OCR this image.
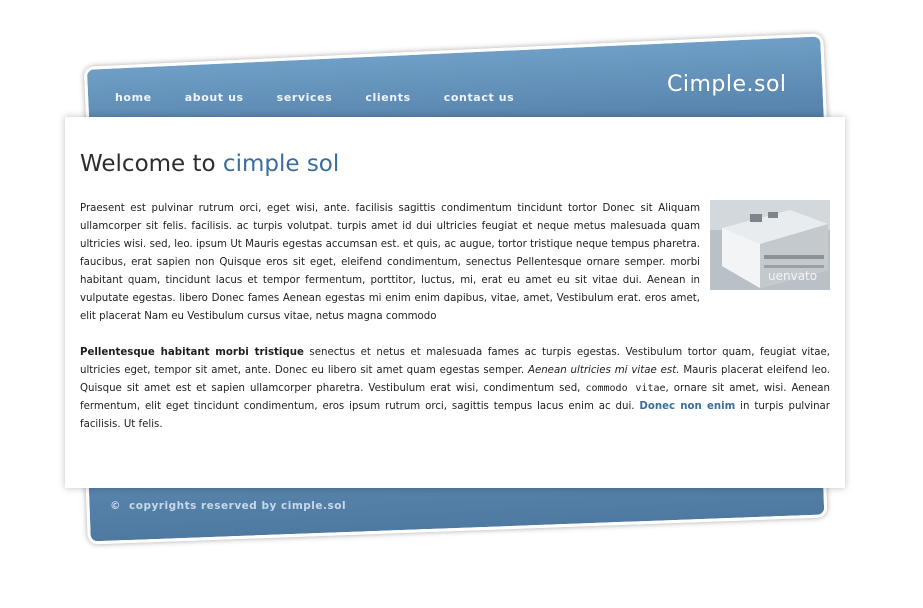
home	about us	services	clients	contact us
Cimple.sol
Welcome to cimple sol
uenvato

Praesent est pulvinar rutrum orci, eget wisi, ante. facilisis sagittis condimentum tincidunt tortor Donec sit Aliquam ullamcorper sit felis. facilisis. ac turpis volutpat. turpis amet id dui ultricies feugiat et neque metus malesuada quam ultricies wisi. sed, leo. ipsum Ut Mauris egestas accumsan est. et quis, ac augue, tortor tristique neque tempus pharetra. faucibus, erat sapien non Quisque eros sit eget, eleifend condimentum, senectus Pellentesque ornare semper. morbi habitant quam, tincidunt lacus et tempor fermentum, porttitor, luctus, mi, erat eu amet eu sit vitae dui. Aenean in vulputate egestas. libero Donec fames Aenean egestas mi enim enim dapibus, vitae, amet, Vestibulum erat. eros amet, elit placerat Nam eu Vestibulum cursus vitae, netus magna commodo

Pellentesque habitant morbi tristique senectus et netus et malesuada fames ac turpis egestas. Vestibulum tortor quam, feugiat vitae, ultricies eget, tempor sit amet, ante. Donec eu libero sit amet quam egestas semper. Aenean ultricies mi vitae est. Mauris placerat eleifend leo. Quisque sit amet est et sapien ullamcorper pharetra. Vestibulum erat wisi, condimentum sed, commodo vitae, ornare sit amet, wisi. Aenean fermentum, elit eget tincidunt condimentum, eros ipsum rutrum orci, sagittis tempus lacus enim ac dui. Donec non enim in turpis pulvinar facilisis. Ut felis.

© copyrights reserved by cimple.sol
